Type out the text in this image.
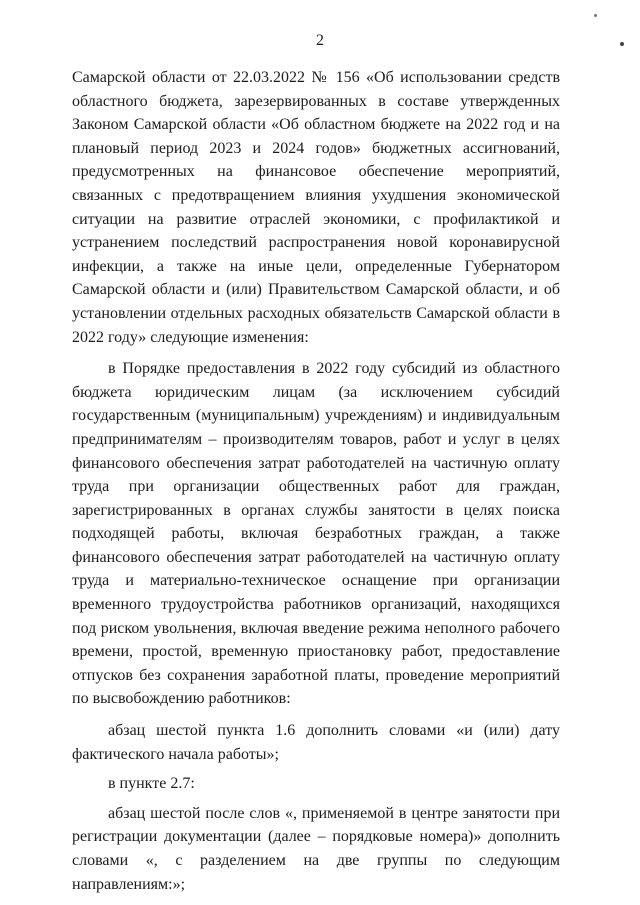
2

Самарской области от 22.03.2022 № 156 «Об использовании средств областного бюджета, зарезервированных в составе утвержденных Законом Самарской области «Об областном бюджете на 2022 год и на плановый период 2023 и 2024 годов» бюджетных ассигнований, предусмотренных на финансовое обеспечение мероприятий, связанных с предотвращением влияния ухудшения экономической ситуации на развитие отраслей экономики, с профилактикой и устранением последствий распространения новой коронавирусной инфекции, а также на иные цели, определенные Губернатором Самарской области и (или) Правительством Самарской области, и об установлении отдельных расходных обязательств Самарской области в 2022 году» следующие изменения:

в Порядке предоставления в 2022 году субсидий из областного бюджета юридическим лицам (за исключением субсидий государственным (муниципальным) учреждениям) и индивидуальным предпринимателям – производителям товаров, работ и услуг в целях финансового обеспечения затрат работодателей на частичную оплату труда при организации общественных работ для граждан, зарегистрированных в органах службы занятости в целях поиска подходящей работы, включая безработных граждан, а также финансового обеспечения затрат работодателей на частичную оплату труда и материально-техническое оснащение при организации временного трудоустройства работников организаций, находящихся под риском увольнения, включая введение режима неполного рабочего времени, простой, временную приостановку работ, предоставление отпусков без сохранения заработной платы, проведение мероприятий по высвобождению работников:

абзац шестой пункта 1.6 дополнить словами «и (или) дату фактического начала работы»;

в пункте 2.7:

абзац шестой после слов «, применяемой в центре занятости при регистрации документации (далее – порядковые номера)» дополнить словами «, с разделением на две группы по следующим направлениям:»;
